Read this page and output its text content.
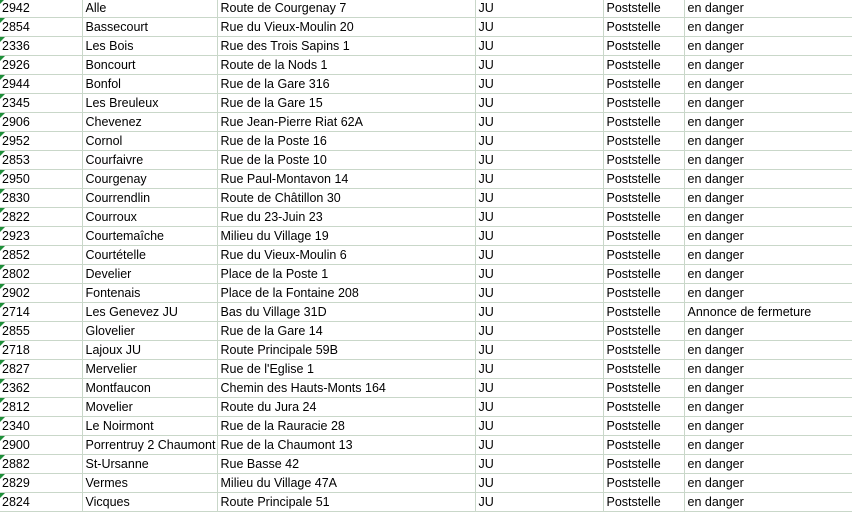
2942	Alle	Route de Courgenay 7	JU	Poststelle	en danger

2854	Bassecourt	Rue du Vieux-Moulin 20	JU	Poststelle	en danger

2336	Les Bois	Rue des Trois Sapins 1	JU	Poststelle	en danger

2926	Boncourt	Route de la Nods 1	JU	Poststelle	en danger

2944	Bonfol	Rue de la Gare 316	JU	Poststelle	en danger

2345	Les Breuleux	Rue de la Gare 15	JU	Poststelle	en danger

2906	Chevenez	Rue Jean-Pierre Riat 62A	JU	Poststelle	en danger

2952	Cornol	Rue de la Poste 16	JU	Poststelle	en danger

2853	Courfaivre	Rue de la Poste 10	JU	Poststelle	en danger

2950	Courgenay	Rue Paul-Montavon 14	JU	Poststelle	en danger

2830	Courrendlin	Route de Châtillon 30	JU	Poststelle	en danger

2822	Courroux	Rue du 23-Juin 23	JU	Poststelle	en danger

2923	Courtemaîche	Milieu du Village 19	JU	Poststelle	en danger

2852	Courtételle	Rue du Vieux-Moulin 6	JU	Poststelle	en danger

2802	Develier	Place de la Poste 1	JU	Poststelle	en danger

2902	Fontenais	Place de la Fontaine 208	JU	Poststelle	en danger

2714	Les Genevez JU	Bas du Village 31D	JU	Poststelle	Annonce de fermeture

2855	Glovelier	Rue de la Gare 14	JU	Poststelle	en danger

2718	Lajoux JU	Route Principale 59B	JU	Poststelle	en danger

2827	Mervelier	Rue de l'Eglise 1	JU	Poststelle	en danger

2362	Montfaucon	Chemin des Hauts-Monts 164	JU	Poststelle	en danger

2812	Movelier	Route du Jura 24	JU	Poststelle	en danger

2340	Le Noirmont	Rue de la Rauracie 28	JU	Poststelle	en danger

2900	Porrentruy 2 Chaumont	Rue de la Chaumont 13	JU	Poststelle	en danger

2882	St-Ursanne	Rue Basse 42	JU	Poststelle	en danger

2829	Vermes	Milieu du Village 47A	JU	Poststelle	en danger

2824	Vicques	Route Principale 51	JU	Poststelle	en danger
